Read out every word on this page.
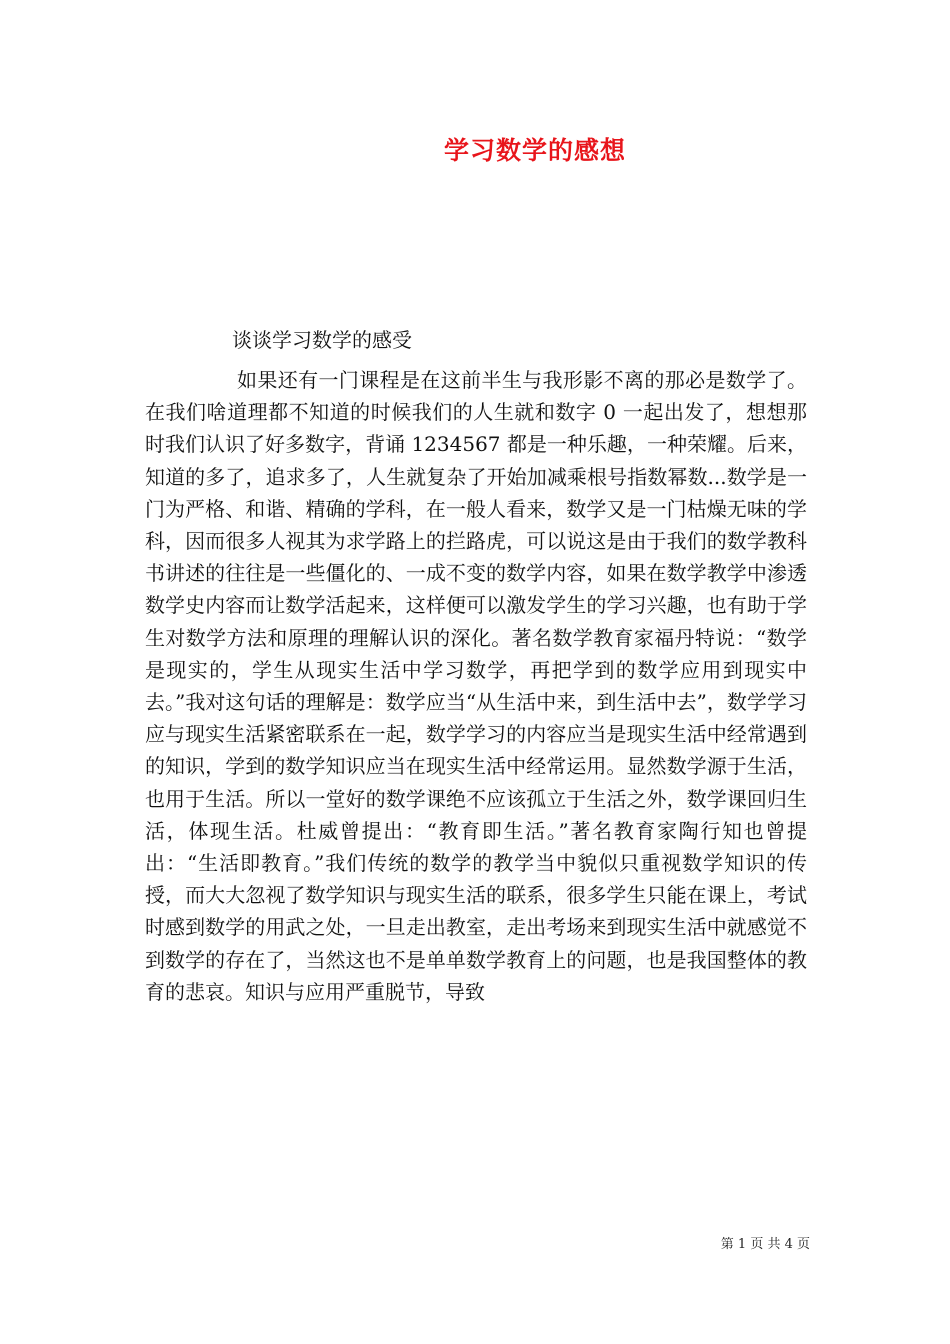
学习数学的感想

谈谈学习数学的感受

如果还有一门课程是在这前半生与我形影不离的那必是数学了。在我们啥道理都不知道的时候我们的人生就和数字 0 一起出发了，想想那时我们认识了好多数字，背诵 1234567 都是一种乐趣，一种荣耀。后来，知道的多了，追求多了，人生就复杂了开始加减乘根号指数幂数...数学是一门为严格、和谐、精确的学科，在一般人看来，数学又是一门枯燥无味的学科，因而很多人视其为求学路上的拦路虎，可以说这是由于我们的数学教科书讲述的往往是一些僵化的、一成不变的数学内容，如果在数学教学中渗透数学史内容而让数学活起来，这样便可以激发学生的学习兴趣，也有助于学生对数学方法和原理的理解认识的深化。著名数学教育家福丹特说：“数学是现实的，学生从现实生活中学习数学，再把学到的数学应用到现实中去。”我对这句话的理解是：数学应当“从生活中来，到生活中去”，数学学习应与现实生活紧密联系在一起，数学学习的内容应当是现实生活中经常遇到的知识，学到的数学知识应当在现实生活中经常运用。显然数学源于生活，也用于生活。所以一堂好的数学课绝不应该孤立于生活之外，数学课回归生活，体现生活。杜威曾提出：“教育即生活。”著名教育家陶行知也曾提出：“生活即教育。”我们传统的数学的教学当中貌似只重视数学知识的传授，而大大忽视了数学知识与现实生活的联系，很多学生只能在课上，考试时感到数学的用武之处，一旦走出教室，走出考场来到现实生活中就感觉不到数学的存在了，当然这也不是单单数学教育上的问题，也是我国整体的教育的悲哀。知识与应用严重脱节，导致

第 1 页 共 4 页
